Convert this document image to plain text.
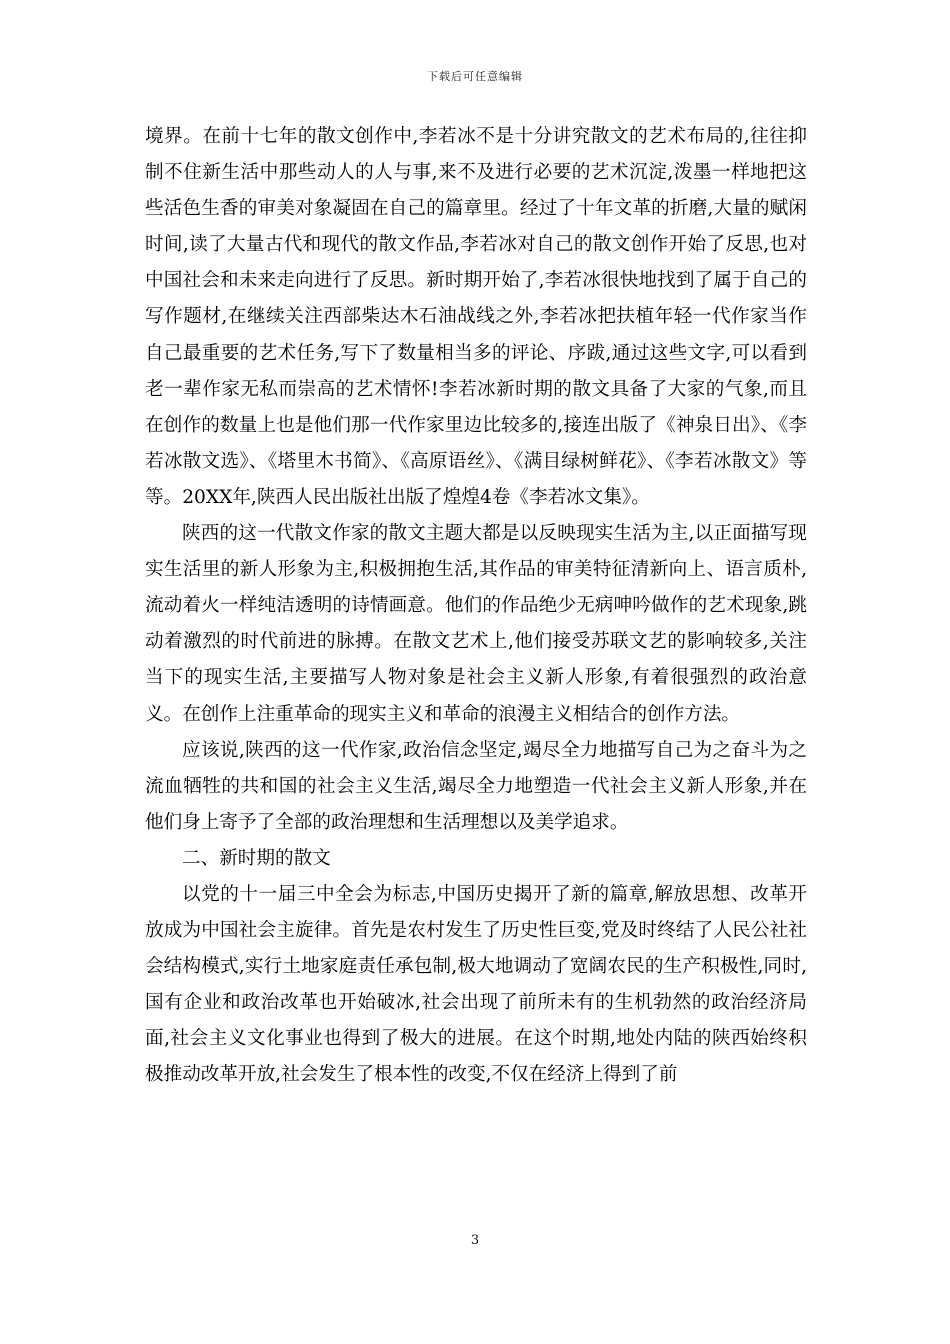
下载后可任意编辑

境界。在前十七年的散文创作中,李若冰不是十分讲究散文的艺术布局的,往往抑制不住新生活中那些动人的人与事,来不及进行必要的艺术沉淀,泼墨一样地把这些活色生香的审美对象凝固在自己的篇章里。经过了十年文革的折磨,大量的赋闲时间,读了大量古代和现代的散文作品,李若冰对自己的散文创作开始了反思,也对中国社会和未来走向进行了反思。新时期开始了,李若冰很快地找到了属于自己的写作题材,在继续关注西部柴达木石油战线之外,李若冰把扶植年轻一代作家当作自己最重要的艺术任务,写下了数量相当多的评论、序跋,通过这些文字,可以看到老一辈作家无私而崇高的艺术情怀!李若冰新时期的散文具备了大家的气象,而且在创作的数量上也是他们那一代作家里边比较多的,接连出版了《神泉日出》、《李若冰散文选》、《塔里木书简》、《高原语丝》、《满目绿树鲜花》、《李若冰散文》等等。20XX年,陕西人民出版社出版了煌煌4卷《李若冰文集》。

陕西的这一代散文作家的散文主题大都是以反映现实生活为主,以正面描写现实生活里的新人形象为主,积极拥抱生活,其作品的审美特征清新向上、语言质朴,流动着火一样纯洁透明的诗情画意。他们的作品绝少无病呻吟做作的艺术现象,跳动着激烈的时代前进的脉搏。在散文艺术上,他们接受苏联文艺的影响较多,关注当下的现实生活,主要描写人物对象是社会主义新人形象,有着很强烈的政治意义。在创作上注重革命的现实主义和革命的浪漫主义相结合的创作方法。

应该说,陕西的这一代作家,政治信念坚定,竭尽全力地描写自己为之奋斗为之流血牺牲的共和国的社会主义生活,竭尽全力地塑造一代社会主义新人形象,并在他们身上寄予了全部的政治理想和生活理想以及美学追求。

二、新时期的散文

以党的十一届三中全会为标志,中国历史揭开了新的篇章,解放思想、改革开放成为中国社会主旋律。首先是农村发生了历史性巨变,党及时终结了人民公社社会结构模式,实行土地家庭责任承包制,极大地调动了宽阔农民的生产积极性,同时,国有企业和政治改革也开始破冰,社会出现了前所未有的生机勃然的政治经济局面,社会主义文化事业也得到了极大的进展。在这个时期,地处内陆的陕西始终积极推动改革开放,社会发生了根本性的改变,不仅在经济上得到了前

3
